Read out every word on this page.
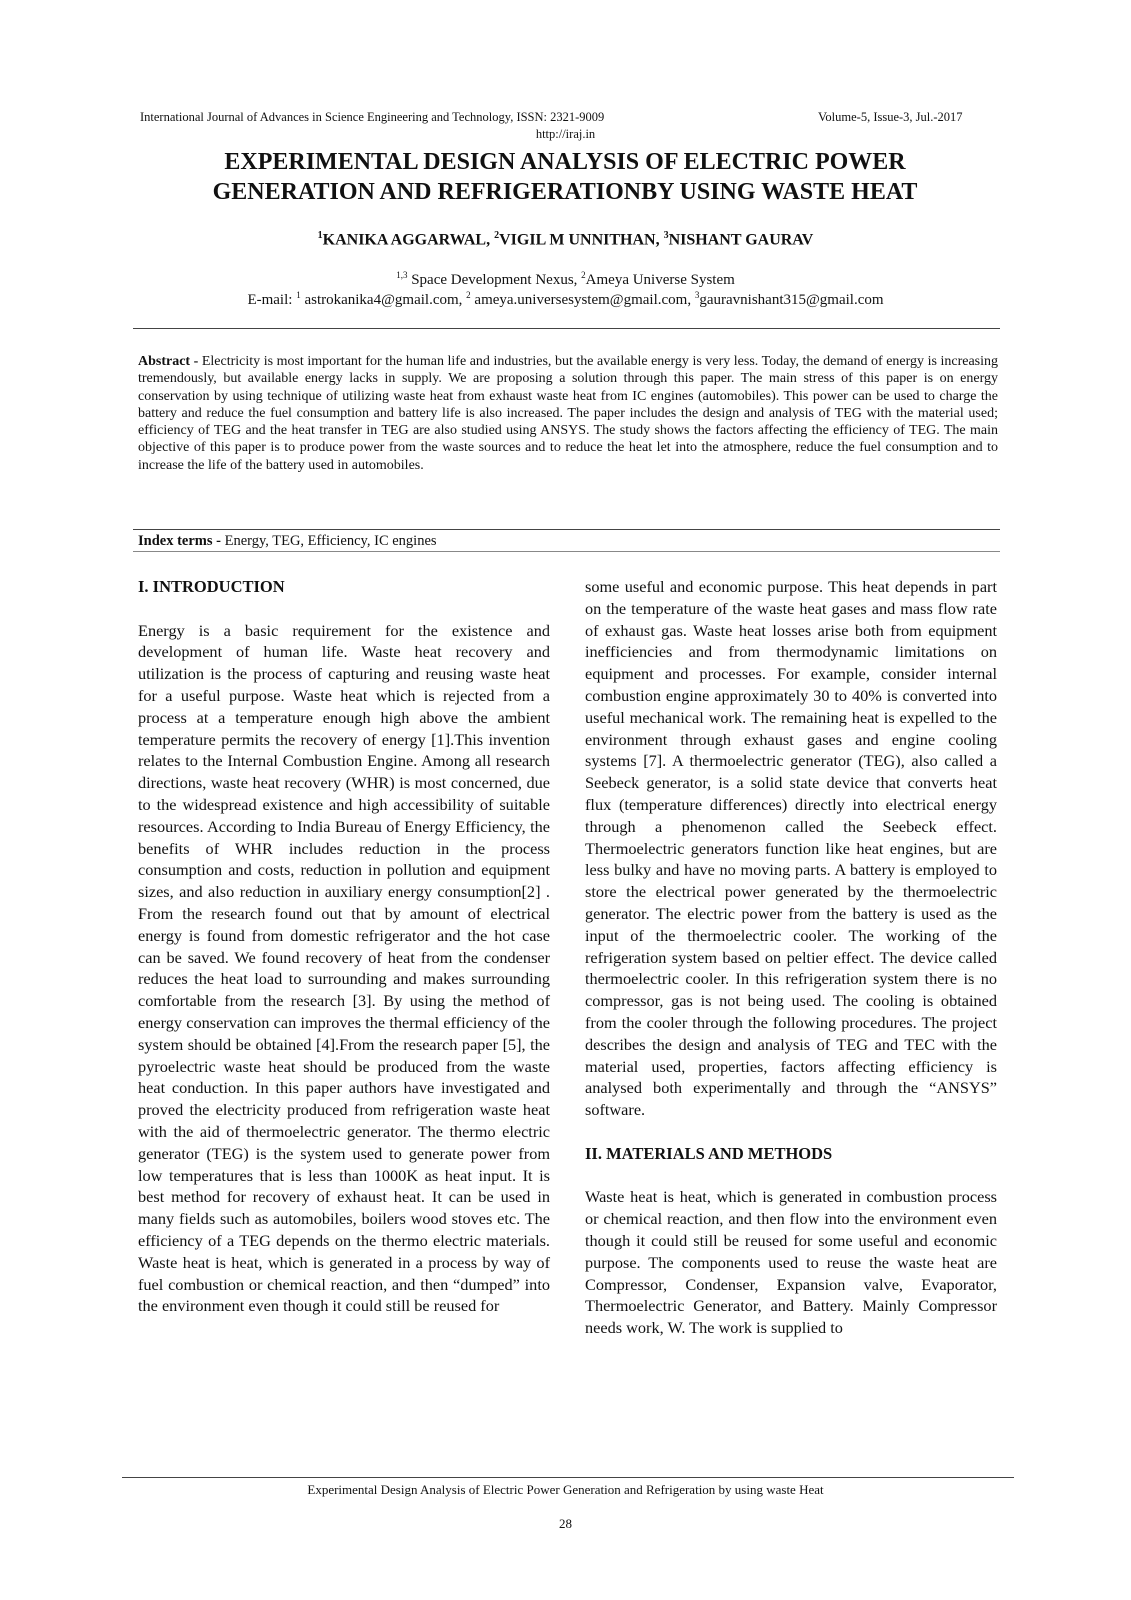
International Journal of Advances in Science Engineering and Technology, ISSN: 2321-9009	Volume-5, Issue-3, Jul.-2017
http://iraj.in
EXPERIMENTAL DESIGN ANALYSIS OF ELECTRIC POWER
GENERATION AND REFRIGERATIONBY USING WASTE HEAT
$^1$KANIKA AGGARWAL, $^2$VIGIL M UNNITHAN, $^3$NISHANT GAURAV
$^{1,3}$ Space Development Nexus, $^2$Ameya Universe System
E-mail: $^1$ astrokanika4@gmail.com, $^2$ ameya.universesystem@gmail.com, $^3$gauravnishant315@gmail.com
Abstract - Electricity is most important for the human life and industries, but the available energy is very less. Today, the demand of energy is increasing tremendously, but available energy lacks in supply. We are proposing a solution through this paper. The main stress of this paper is on energy conservation by using technique of utilizing waste heat from exhaust waste heat from IC engines (automobiles). This power can be used to charge the battery and reduce the fuel consumption and battery life is also increased. The paper includes the design and analysis of TEG with the material used; efficiency of TEG and the heat transfer in TEG are also studied using ANSYS. The study shows the factors affecting the efficiency of TEG. The main objective of this paper is to produce power from the waste sources and to reduce the heat let into the atmosphere, reduce the fuel consumption and to increase the life of the battery used in automobiles.
Index terms - Energy, TEG, Efficiency, IC engines
I. INTRODUCTION

Energy is a basic requirement for the existence and development of human life. Waste heat recovery and utilization is the process of capturing and reusing waste heat for a useful purpose. Waste heat which is rejected from a process at a temperature enough high above the ambient temperature permits the recovery of energy [1].This invention relates to the Internal Combustion Engine. Among all research directions, waste heat recovery (WHR) is most concerned, due to the widespread existence and high accessibility of suitable resources. According to India Bureau of Energy Efficiency, the benefits of WHR includes reduction in the process consumption and costs, reduction in pollution and equipment sizes, and also reduction in auxiliary energy consumption[2] . From the research found out that by amount of electrical energy is found from domestic refrigerator and the hot case can be saved. We found recovery of heat from the condenser reduces the heat load to surrounding and makes surrounding comfortable from the research [3]. By using the method of energy conservation can improves the thermal efficiency of the system should be obtained [4].From the research paper [5], the pyroelectric waste heat should be produced from the waste heat conduction. In this paper authors have investigated and proved the electricity produced from refrigeration waste heat with the aid of thermoelectric generator. The thermo electric generator (TEG) is the system used to generate power from low temperatures that is less than 1000K as heat input. It is best method for recovery of exhaust heat. It can be used in many fields such as automobiles, boilers wood stoves etc. The efficiency of a TEG depends on the thermo electric materials. Waste heat is heat, which is generated in a process by way of fuel combustion or chemical reaction, and then “dumped” into the environment even though it could still be reused for

some useful and economic purpose. This heat depends in part on the temperature of the waste heat gases and mass flow rate of exhaust gas. Waste heat losses arise both from equipment inefficiencies and from thermodynamic limitations on equipment and processes. For example, consider internal combustion engine approximately 30 to 40% is converted into useful mechanical work. The remaining heat is expelled to the environment through exhaust gases and engine cooling systems [7]. A thermoelectric generator (TEG), also called a Seebeck generator, is a solid state device that converts heat flux (temperature differences) directly into electrical energy through a phenomenon called the Seebeck effect. Thermoelectric generators function like heat engines, but are less bulky and have no moving parts. A battery is employed to store the electrical power generated by the thermoelectric generator. The electric power from the battery is used as the input of the thermoelectric cooler. The working of the refrigeration system based on peltier effect. The device called thermoelectric cooler. In this refrigeration system there is no compressor, gas is not being used. The cooling is obtained from the cooler through the following procedures. The project describes the design and analysis of TEG and TEC with the material used, properties, factors affecting efficiency is analysed both experimentally and through the “ANSYS” software.

II. MATERIALS AND METHODS

Waste heat is heat, which is generated in combustion process or chemical reaction, and then flow into the environment even though it could still be reused for some useful and economic purpose. The components used to reuse the waste heat are Compressor, Condenser, Expansion valve, Evaporator, Thermoelectric Generator, and Battery. Mainly Compressor needs work, W. The work is supplied to

Experimental Design Analysis of Electric Power Generation and Refrigeration by using waste Heat
28
